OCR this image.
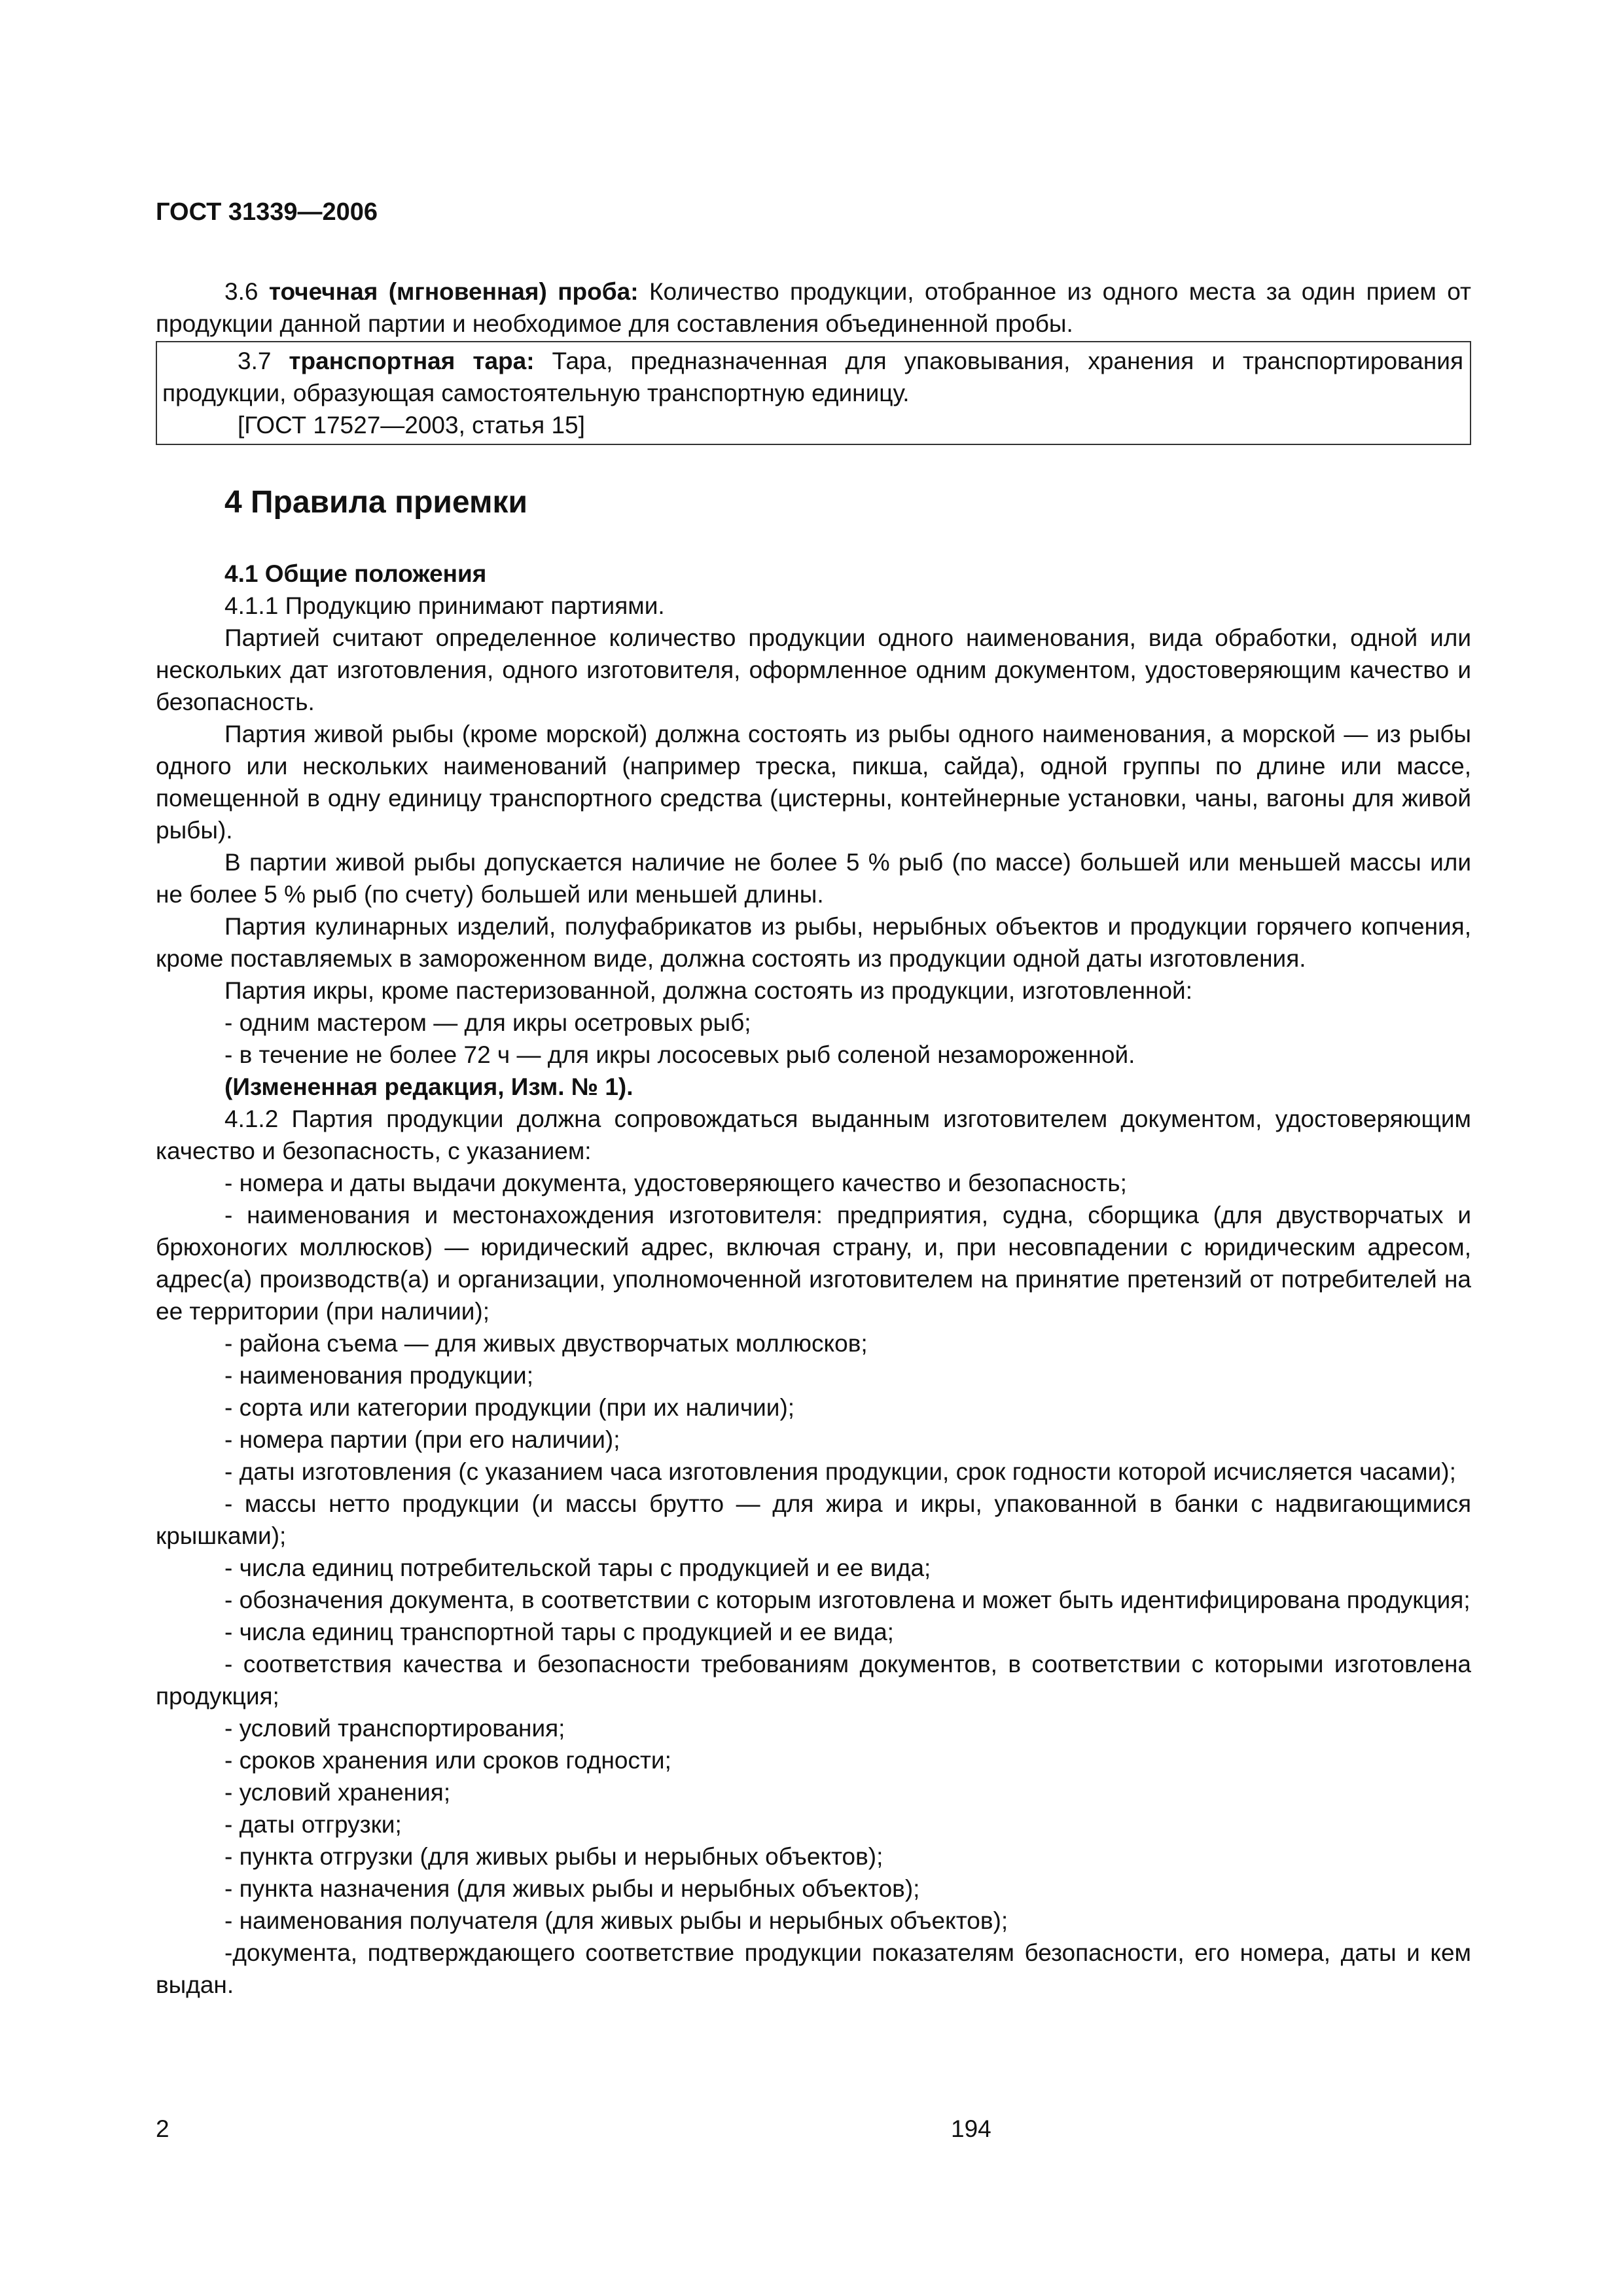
ГОСТ 31339—2006

3.6 точечная (мгновенная) проба: Количество продукции, отобранное из одного места за один прием от продукции данной партии и необходимое для составления объединенной пробы.

3.7 транспортная тара: Тара, предназначенная для упаковывания, хранения и транспортирования продукции, образующая самостоятельную транспортную единицу.

[ГОСТ 17527—2003, статья 15]

4 Правила приемки
4.1 Общие положения

4.1.1 Продукцию принимают партиями.

Партией считают определенное количество продукции одного наименования, вида обработки, одной или нескольких дат изготовления, одного изготовителя, оформленное одним документом, удостоверяющим качество и безопасность.

Партия живой рыбы (кроме морской) должна состоять из рыбы одного наименования, а морской — из рыбы одного или нескольких наименований (например треска, пикша, сайда), одной группы по длине или массе, помещенной в одну единицу транспортного средства (цистерны, контейнерные установки, чаны, вагоны для живой рыбы).

В партии живой рыбы допускается наличие не более 5 % рыб (по массе) большей или меньшей массы или не более 5 % рыб (по счету) большей или меньшей длины.

Партия кулинарных изделий, полуфабрикатов из рыбы, нерыбных объектов и продукции горячего копчения, кроме поставляемых в замороженном виде, должна состоять из продукции одной даты изготовления.

Партия икры, кроме пастеризованной, должна состоять из продукции, изготовленной:

- одним мастером — для икры осетровых рыб;

- в течение не более 72 ч — для икры лососевых рыб соленой незамороженной.

(Измененная редакция, Изм. № 1).

4.1.2 Партия продукции должна сопровождаться выданным изготовителем документом, удостоверяющим качество и безопасность, с указанием:

- номера и даты выдачи документа, удостоверяющего качество и безопасность;

- наименования и местонахождения изготовителя: предприятия, судна, сборщика (для двустворчатых и брюхоногих моллюсков) — юридический адрес, включая страну, и, при несовпадении с юридическим адресом, адрес(а) производств(а) и организации, уполномоченной изготовителем на принятие претензий от потребителей на ее территории (при наличии);

- района съема — для живых двустворчатых моллюсков;

- наименования продукции;

- сорта или категории продукции (при их наличии);

- номера партии (при его наличии);

- даты изготовления (с указанием часа изготовления продукции, срок годности которой исчисляется часами);

- массы нетто продукции (и массы брутто — для жира и икры, упакованной в банки с надвигающимися крышками);

- числа единиц потребительской тары с продукцией и ее вида;

- обозначения документа, в соответствии с которым изготовлена и может быть идентифицирована продукция;

- числа единиц транспортной тары с продукцией и ее вида;

- соответствия качества и безопасности требованиям документов, в соответствии с которыми изготовлена продукция;

- условий транспортирования;

- сроков хранения или сроков годности;

- условий хранения;

- даты отгрузки;

- пункта отгрузки (для живых рыбы и нерыбных объектов);

- пункта назначения (для живых рыбы и нерыбных объектов);

- наименования получателя (для живых рыбы и нерыбных объектов);

-документа, подтверждающего соответствие продукции показателям безопасности, его номера, даты и кем выдан.

2	194
